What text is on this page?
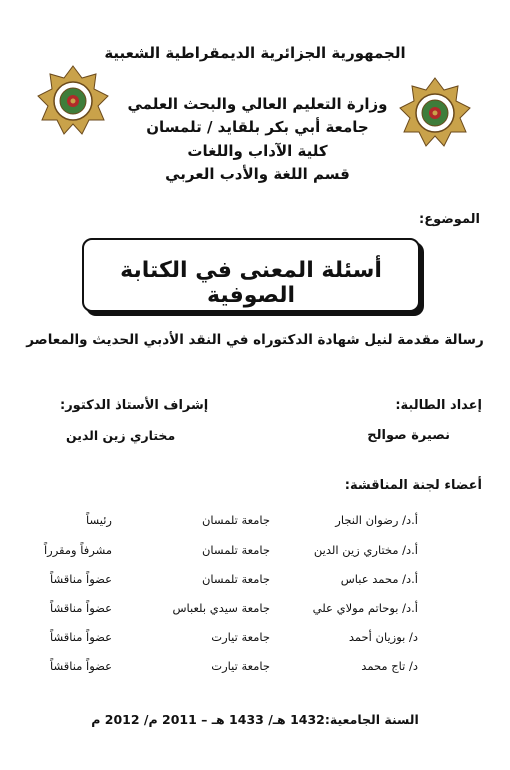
الجمهورية الجزائرية الديمقراطية الشعبية
وزارة التعليم العالي والبحث العلمي
جامعة أبي بكر بلقايد / تلمسان
كلية الآداب واللغات
قسم اللغة والأدب العربي
الموضوع:
أسئلة المعنى في الكتابة الصوفية
رسالة مقدمة لنيل شهادة الدكتوراه في النقد الأدبي الحديث والمعاصر
إعداد الطالبة:
إشراف الأستاذ الدكتور:
نصيرة صوالح
مختاري زين الدين
أعضاء لجنة المناقشة:
أ.د/ رضوان النجار
جامعة تلمسان
رئيساً
أ.د/ مختاري زين الدين
جامعة تلمسان
مشرفاً ومقرراً
أ.د/ محمد عباس
جامعة تلمسان
عضواً مناقشاً
أ.د/ بوحاتم مولاي علي
جامعة سيدي بلعباس
عضواً مناقشاً
د/ بوزيان أحمد
جامعة تيارت
عضواً مناقشاً
د/ تاج محمد
جامعة تيارت
عضواً مناقشاً
السنة الجامعية:1432 هـ/ 1433 هـ – 2011 م/ 2012 م
